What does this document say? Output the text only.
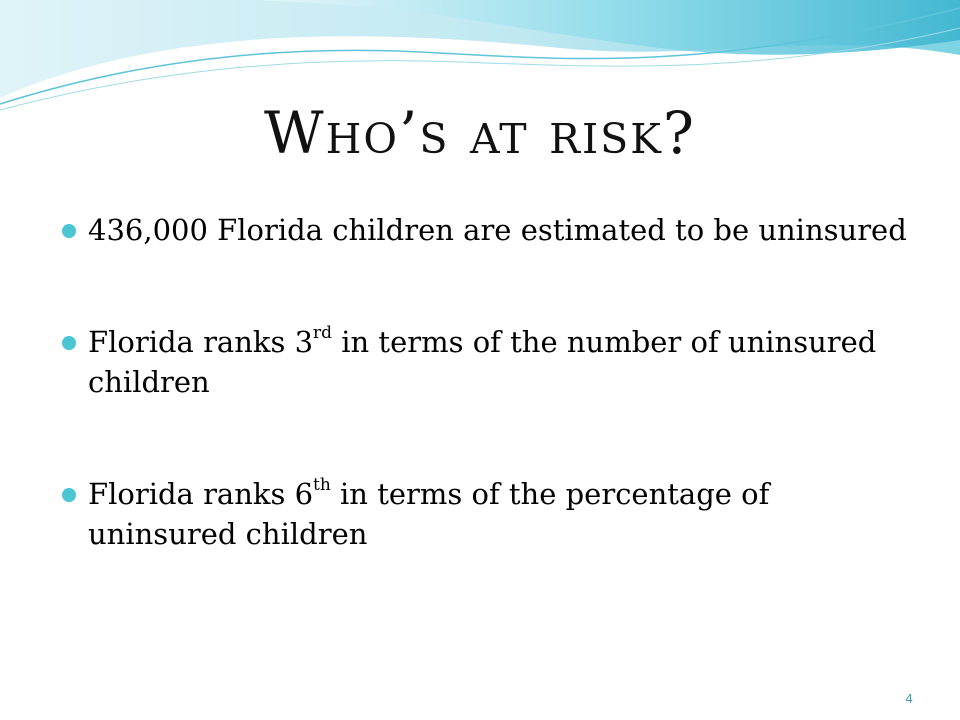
Who’s at risk?
436,000 Florida children are estimated to be uninsured
Florida ranks 3rd in terms of the number of uninsured children
Florida ranks 6th in terms of the percentage of uninsured children
4
